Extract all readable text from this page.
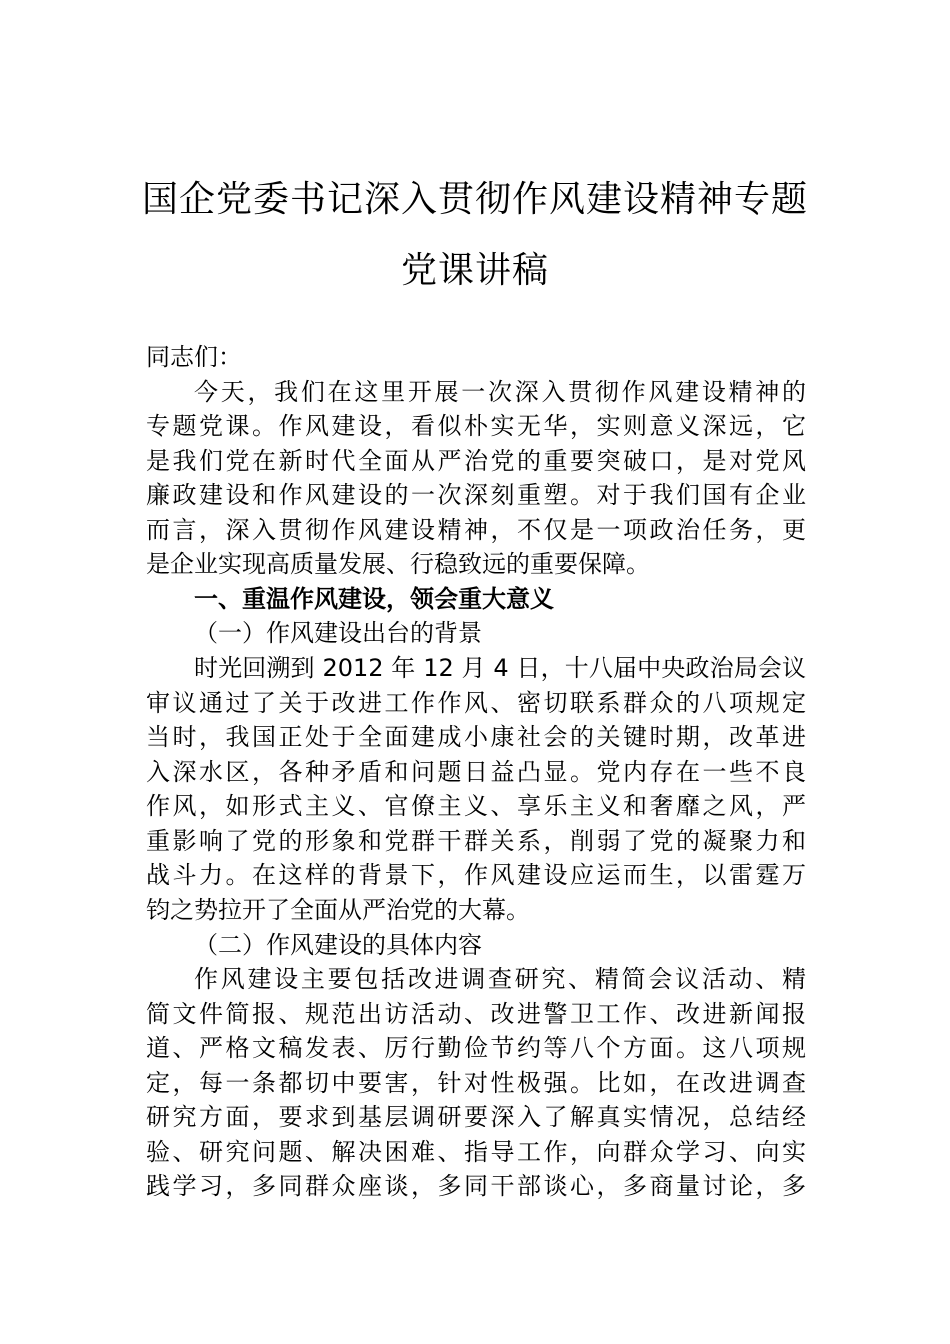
国企党委书记深入贯彻作风建设精神专题
党课讲稿
同志们：
今天，我们在这里开展一次深入贯彻作风建设精神的
专题党课。作风建设，看似朴实无华，实则意义深远，它
是我们党在新时代全面从严治党的重要突破口，是对党风
廉政建设和作风建设的一次深刻重塑。对于我们国有企业
而言，深入贯彻作风建设精神，不仅是一项政治任务，更
是企业实现高质量发展、行稳致远的重要保障。
一、重温作风建设，领会重大意义
（一）作风建设出台的背景
时光回溯到 2012 年 12 月 4 日，十八届中央政治局会议
审议通过了关于改进工作作风、密切联系群众的八项规定
当时，我国正处于全面建成小康社会的关键时期，改革进
入深水区，各种矛盾和问题日益凸显。党内存在一些不良
作风，如形式主义、官僚主义、享乐主义和奢靡之风，严
重影响了党的形象和党群干群关系，削弱了党的凝聚力和
战斗力。在这样的背景下，作风建设应运而生，以雷霆万
钧之势拉开了全面从严治党的大幕。
（二）作风建设的具体内容
作风建设主要包括改进调查研究、精简会议活动、精
简文件简报、规范出访活动、改进警卫工作、改进新闻报
道、严格文稿发表、厉行勤俭节约等八个方面。这八项规
定，每一条都切中要害，针对性极强。比如，在改进调查
研究方面，要求到基层调研要深入了解真实情况，总结经
验、研究问题、解决困难、指导工作，向群众学习、向实
践学习，多同群众座谈，多同干部谈心，多商量讨论，多
